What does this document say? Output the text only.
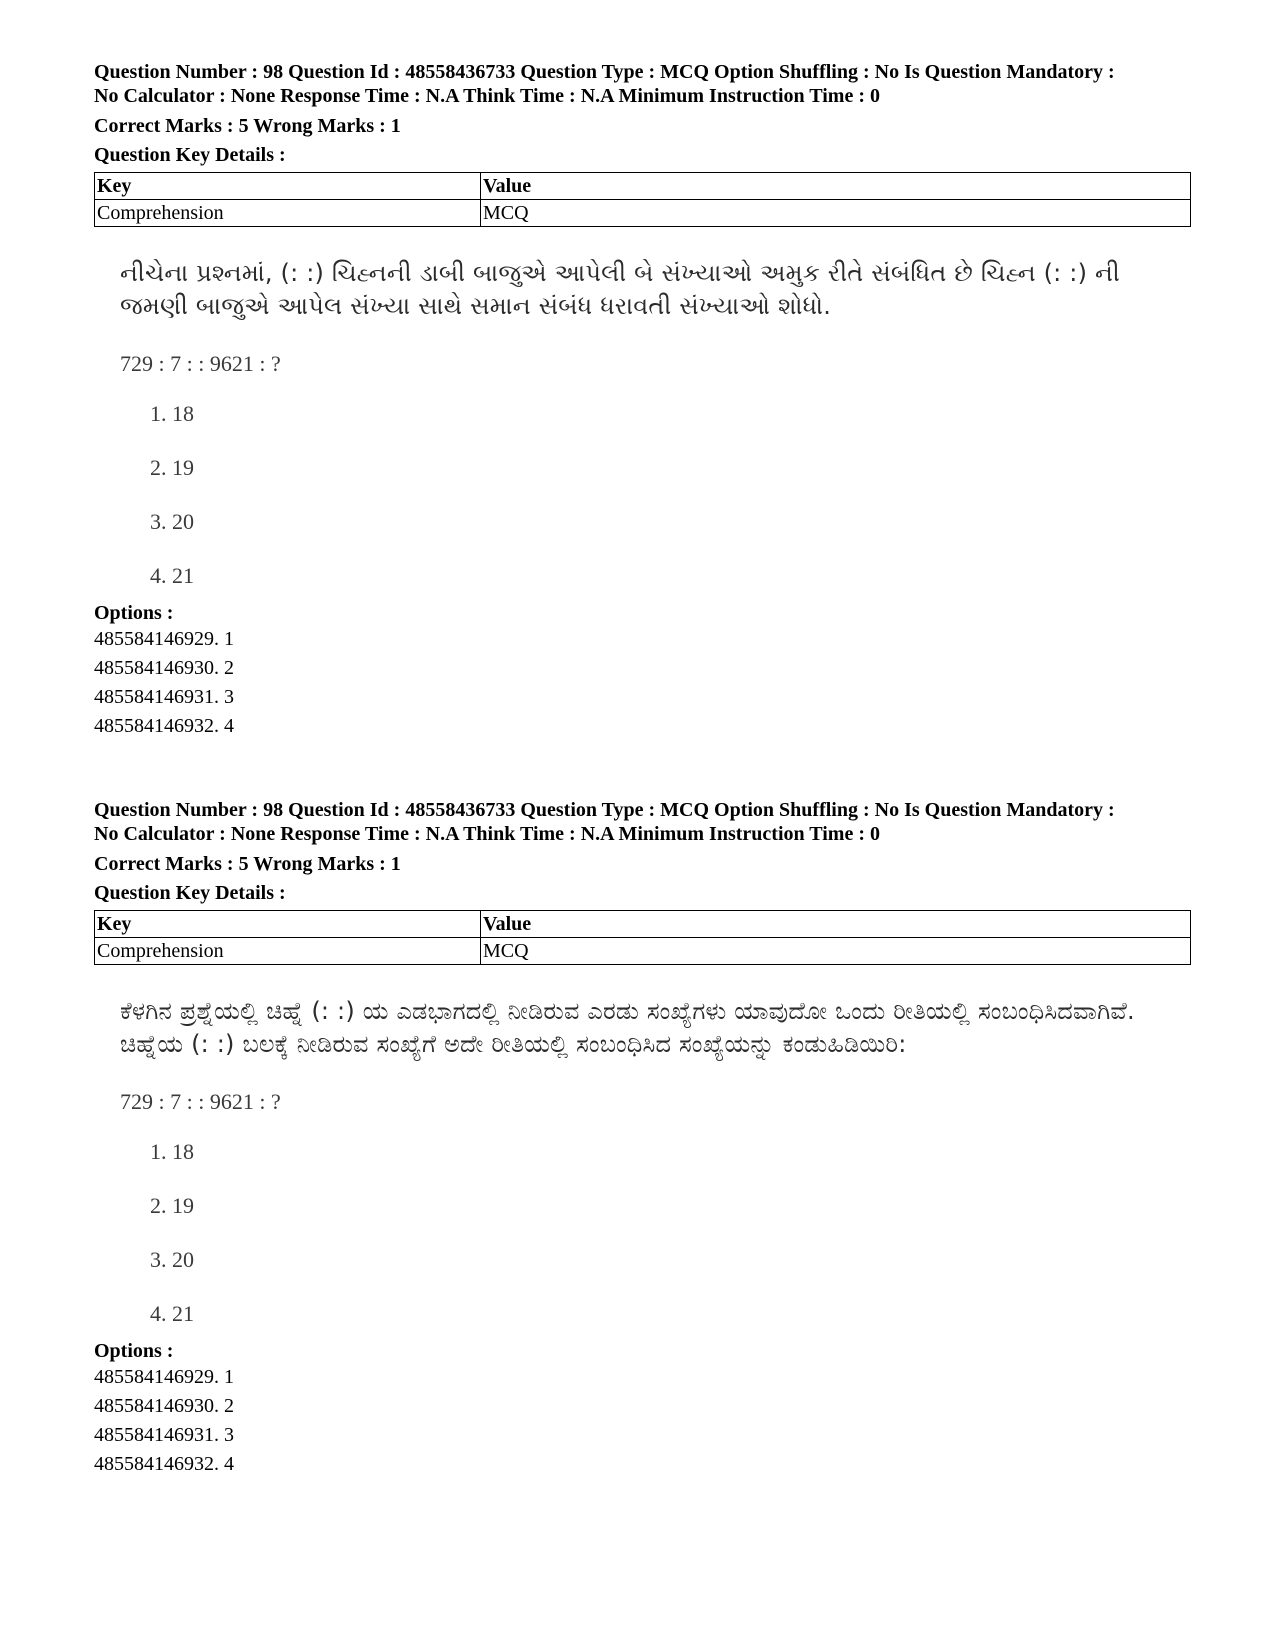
Question Number : 98 Question Id : 48558436733 Question Type : MCQ Option Shuffling : No Is Question Mandatory :
No Calculator : None Response Time : N.A Think Time : N.A Minimum Instruction Time : 0
Correct Marks : 5 Wrong Marks : 1
Question Key Details :
Key	Value
Comprehension	MCQ
નીચેના પ્રશ્નમાં, (: :) ચિહ્નની ડાબી બાજુએ આપેલી બે સંખ્યાઓ અમુક રીતે સંબંધિત છે ચિહ્ન (: :) ની જમણી બાજુએ આપેલ સંખ્યા સાથે સમાન સંબંધ ધરાવતી સંખ્યાઓ શોધો.
729 : 7 : : 9621 : ?
1. 18
2. 19
3. 20
4. 21
Options :
485584146929. 1
485584146930. 2
485584146931. 3
485584146932. 4
Question Number : 98 Question Id : 48558436733 Question Type : MCQ Option Shuffling : No Is Question Mandatory :
No Calculator : None Response Time : N.A Think Time : N.A Minimum Instruction Time : 0
Correct Marks : 5 Wrong Marks : 1
Question Key Details :
Key	Value
Comprehension	MCQ
ಕೆಳಗಿನ ಪ್ರಶ್ನೆಯಲ್ಲಿ ಚಿಹ್ನೆ (: :) ಯ ಎಡಭಾಗದಲ್ಲಿ ನೀಡಿರುವ ಎರಡು ಸಂಖ್ಯೆಗಳು ಯಾವುದೋ ಒಂದು ರೀತಿಯಲ್ಲಿ ಸಂಬಂಧಿಸಿದವಾಗಿವೆ. ಚಿಹ್ನೆಯ (: :) ಬಲಕ್ಕೆ ನೀಡಿರುವ ಸಂಖ್ಯೆಗೆ ಅದೇ ರೀತಿಯಲ್ಲಿ ಸಂಬಂಧಿಸಿದ ಸಂಖ್ಯೆಯನ್ನು ಕಂಡುಹಿಡಿಯಿರಿ:
729 : 7 : : 9621 : ?
1. 18
2. 19
3. 20
4. 21
Options :
485584146929. 1
485584146930. 2
485584146931. 3
485584146932. 4
